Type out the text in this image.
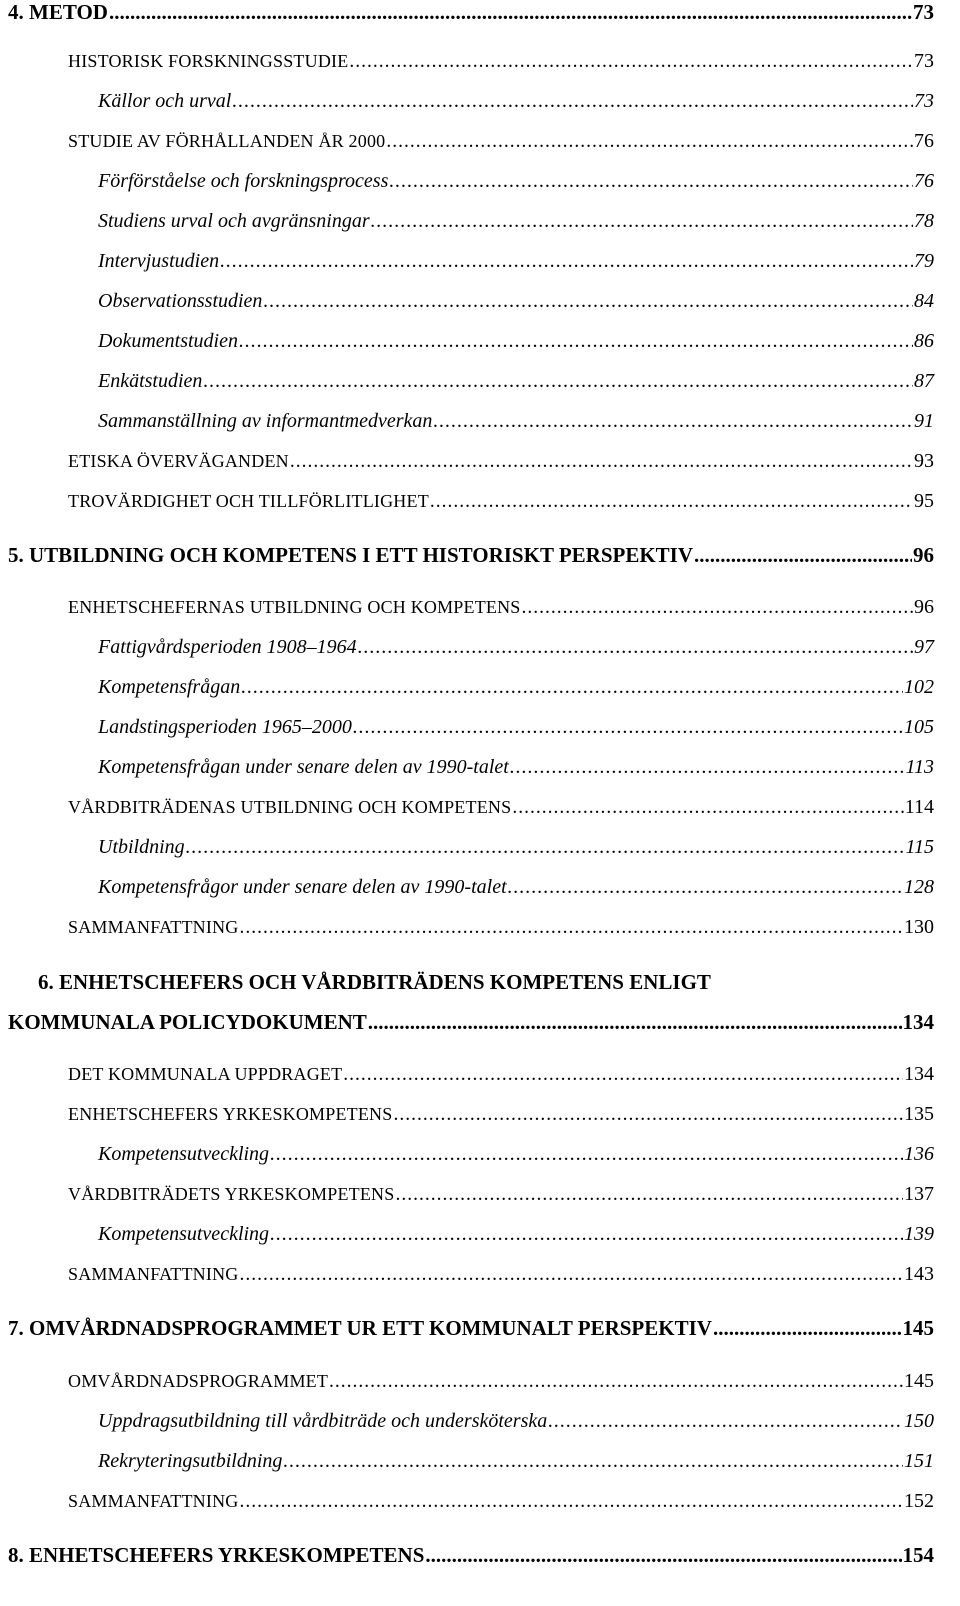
4. METOD .....	73
HISTORISK FORSKNINGSSTUDIE .....	73
Källor och urval .....	73
STUDIE AV FÖRHÅLLANDEN ÅR 2000 .....	76
Förförståelse och forskningsprocess .....	76
Studiens urval och avgränsningar .....	78
Intervjustudien .....	79
Observationsstudien .....	84
Dokumentstudien .....	86
Enkätstudien .....	87
Sammanställning av informantmedverkan .....	91
ETISKA ÖVERVÄGANDEN .....	93
TROVÄRDIGHET OCH TILLFÖRLITLIGHET .....	95
5. UTBILDNING OCH KOMPETENS I ETT HISTORISKT PERSPEKTIV .....	96
ENHETSCHEFERNAS UTBILDNING OCH KOMPETENS .....	96
Fattigvårdsperioden 1908–1964 .....	97
Kompetensfrågan .....	102
Landstingsperioden 1965–2000 .....	105
Kompetensfrågan under senare delen av 1990-talet .....	113
VÅRDBITRÄDENAS UTBILDNING OCH KOMPETENS .....	114
Utbildning .....	115
Kompetensfrågor under senare delen av 1990-talet .....	128
SAMMANFATTNING .....	130
6. ENHETSCHEFERS OCH VÅRDBITRÄDENS KOMPETENS ENLIGT
KOMMUNALA POLICYDOKUMENT .....	134
DET KOMMUNALA UPPDRAGET .....	134
ENHETSCHEFERS YRKESKOMPETENS .....	135
Kompetensutveckling .....	136
VÅRDBITRÄDETS YRKESKOMPETENS .....	137
Kompetensutveckling .....	139
SAMMANFATTNING .....	143
7. OMVÅRDNADSPROGRAMMET UR ETT KOMMUNALT PERSPEKTIV .....	145
OMVÅRDNADSPROGRAMMET .....	145
Uppdragsutbildning till vårdbiträde och undersköterska .....	150
Rekryteringsutbildning .....	151
SAMMANFATTNING .....	152
8. ENHETSCHEFERS YRKESKOMPETENS .....	154
